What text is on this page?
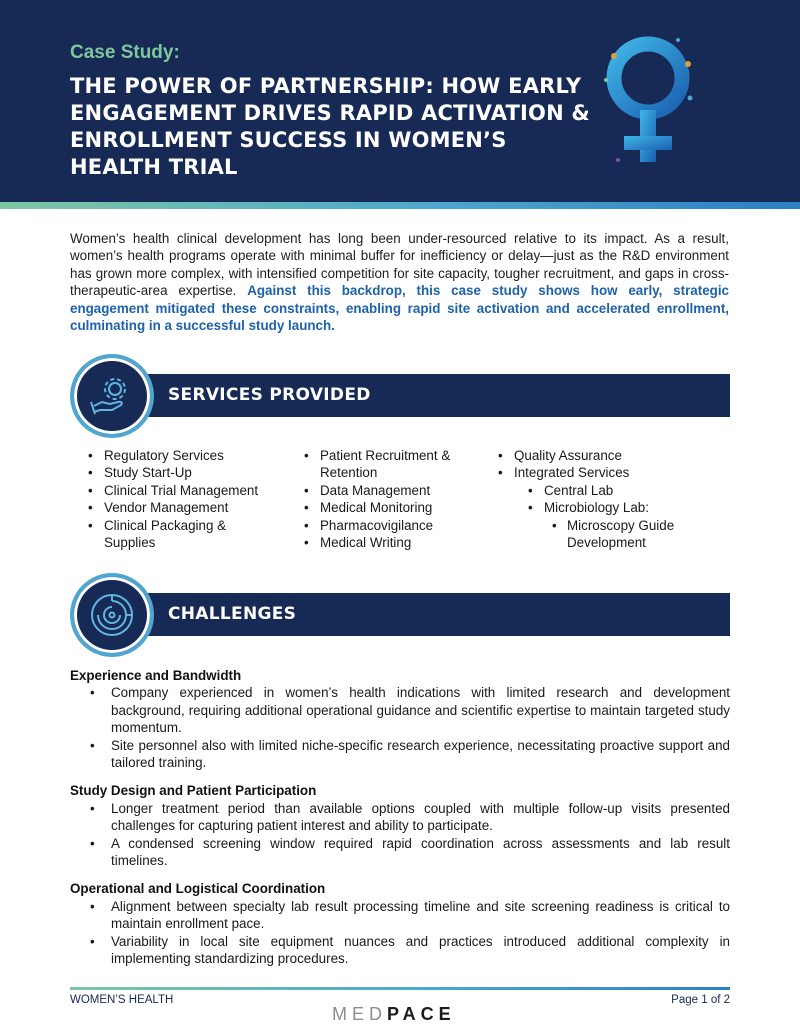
Case Study:
THE POWER OF PARTNERSHIP: HOW EARLY ENGAGEMENT DRIVES RAPID ACTIVATION & ENROLLMENT SUCCESS IN WOMEN’S HEALTH TRIAL
Women’s health clinical development has long been under-resourced relative to its impact. As a result, women’s health programs operate with minimal buffer for inefficiency or delay—just as the R&D environment has grown more complex, with intensified competition for site capacity, tougher recruitment, and gaps in cross-therapeutic-area expertise. Against this backdrop, this case study shows how early, strategic engagement mitigated these constraints, enabling rapid site activation and accelerated enrollment, culminating in a successful study launch.
SERVICES PROVIDED
• Regulatory Services
• Study Start-Up
• Clinical Trial Management
• Vendor Management
• Clinical Packaging & Supplies
• Patient Recruitment & Retention
• Data Management
• Medical Monitoring
• Pharmacovigilance
• Medical Writing
• Quality Assurance
• Integrated Services
• Central Lab
• Microbiology Lab:
• Microscopy Guide Development
CHALLENGES
Experience and Bandwidth
• Company experienced in women’s health indications with limited research and development background, requiring additional operational guidance and scientific expertise to maintain targeted study momentum.
• Site personnel also with limited niche-specific research experience, necessitating proactive support and tailored training.
Study Design and Patient Participation
• Longer treatment period than available options coupled with multiple follow-up visits presented challenges for capturing patient interest and ability to participate.
• A condensed screening window required rapid coordination across assessments and lab result timelines.
Operational and Logistical Coordination
• Alignment between specialty lab result processing timeline and site screening readiness is critical to maintain enrollment pace.
• Variability in local site equipment nuances and practices introduced additional complexity in implementing standardizing procedures.
WOMEN’S HEALTH	Page 1 of 2
MEDPACE
